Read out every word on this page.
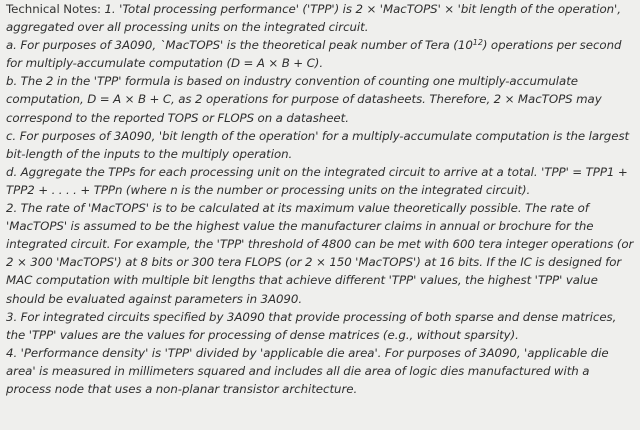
Technical Notes: 1. 'Total processing performance' ('TPP') is 2 × 'MacTOPS' × 'bit length of the operation', aggregated over all processing units on the integrated circuit.

a. For purposes of 3A090, `MacTOPS' is the theoretical peak number of Tera $(10^{12})$ operations per second for multiply-accumulate computation (D = A × B + C).

b. The 2 in the 'TPP' formula is based on industry convention of counting one multiply-accumulate computation, D = A × B + C, as 2 operations for purpose of datasheets. Therefore, 2 × MacTOPS may correspond to the reported TOPS or FLOPS on a datasheet.

c. For purposes of 3A090, 'bit length of the operation' for a multiply-accumulate computation is the largest bit-length of the inputs to the multiply operation.

d. Aggregate the TPPs for each processing unit on the integrated circuit to arrive at a total. 'TPP' = TPP1 + TPP2 + . . . . + TPPn (where n is the number or processing units on the integrated circuit).

2. The rate of 'MacTOPS' is to be calculated at its maximum value theoretically possible. The rate of 'MacTOPS' is assumed to be the highest value the manufacturer claims in annual or brochure for the integrated circuit. For example, the 'TPP' threshold of 4800 can be met with 600 tera integer operations (or 2 × 300 'MacTOPS') at 8 bits or 300 tera FLOPS (or 2 × 150 'MacTOPS') at 16 bits. If the IC is designed for MAC computation with multiple bit lengths that achieve different 'TPP' values, the highest 'TPP' value should be evaluated against parameters in 3A090.

3. For integrated circuits specified by 3A090 that provide processing of both sparse and dense matrices, the 'TPP' values are the values for processing of dense matrices (e.g., without sparsity).

4. 'Performance density' is 'TPP' divided by 'applicable die area'. For purposes of 3A090, 'applicable die area' is measured in millimeters squared and includes all die area of logic dies manufactured with a process node that uses a non-planar transistor architecture.
